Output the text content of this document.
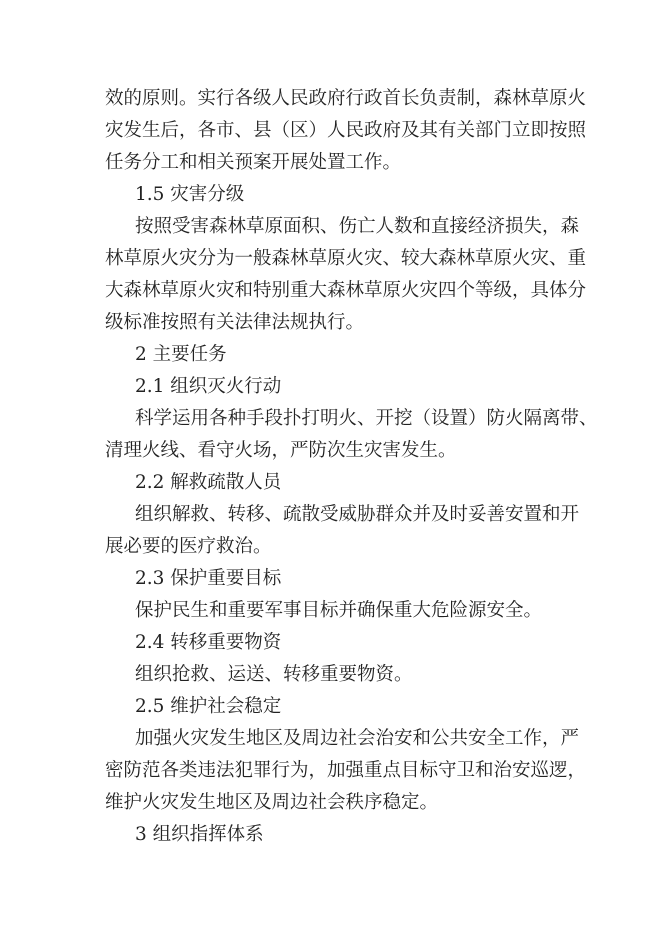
效的原则。实行各级人民政府行政首长负责制，森林草原火
灾发生后，各市、县（区）人民政府及其有关部门立即按照
任务分工和相关预案开展处置工作。
1.5 灾害分级
按照受害森林草原面积、伤亡人数和直接经济损失，森
林草原火灾分为一般森林草原火灾、较大森林草原火灾、重
大森林草原火灾和特别重大森林草原火灾四个等级，具体分
级标准按照有关法律法规执行。
2 主要任务
2.1 组织灭火行动
科学运用各种手段扑打明火、开挖（设置）防火隔离带、
清理火线、看守火场，严防次生灾害发生。
2.2 解救疏散人员
组织解救、转移、疏散受威胁群众并及时妥善安置和开
展必要的医疗救治。
2.3 保护重要目标
保护民生和重要军事目标并确保重大危险源安全。
2.4 转移重要物资
组织抢救、运送、转移重要物资。
2.5 维护社会稳定
加强火灾发生地区及周边社会治安和公共安全工作，严
密防范各类违法犯罪行为，加强重点目标守卫和治安巡逻，
维护火灾发生地区及周边社会秩序稳定。
3 组织指挥体系
